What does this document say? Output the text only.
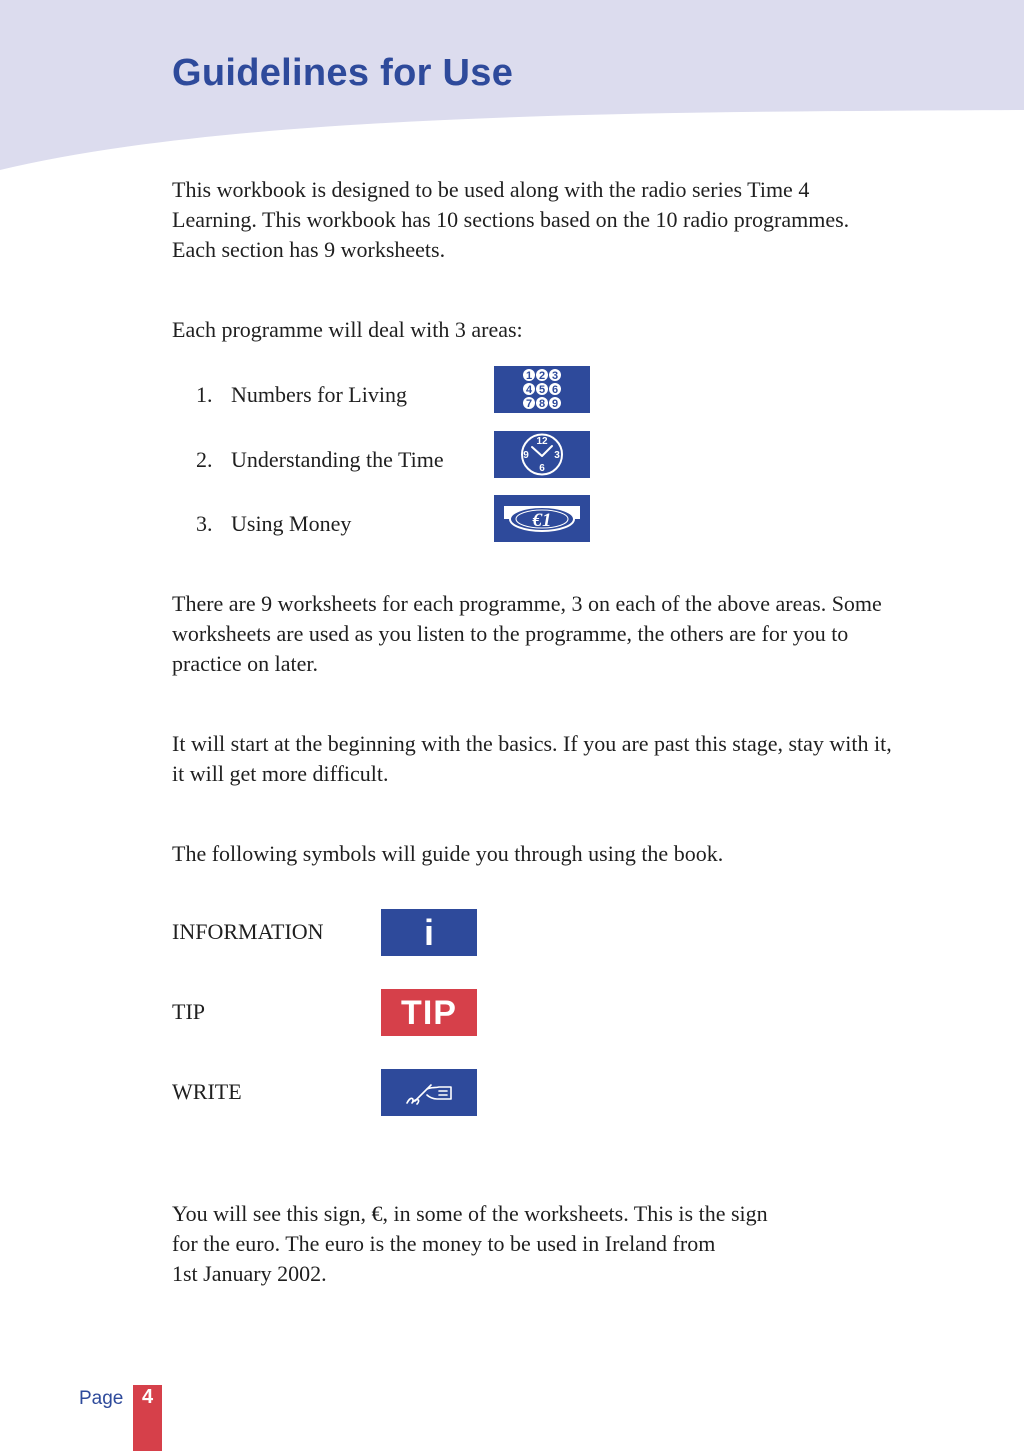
Guidelines for Use

This workbook is designed to be used along with the radio series Time 4 Learning. This workbook has 10 sections based on the 10 radio programmes. Each section has 9 worksheets.

Each programme will deal with 3 areas:

1. Numbers for Living
1 2 3
4 5 6
7 8 9
2. Understanding the Time
12
3
6
9
3. Using Money	€1

There are 9 worksheets for each programme, 3 on each of the above areas. Some worksheets are used as you listen to the programme, the others are for you to practice on later.

It will start at the beginning with the basics. If you are past this stage, stay with it, it will get more difficult.

The following symbols will guide you through using the book.

INFORMATION	i
TIP	TIP
WRITE

You will see this sign, €, in some of the worksheets. This is the sign
for the euro. The euro is the money to be used in Ireland from
1st January 2002.

Page 4
